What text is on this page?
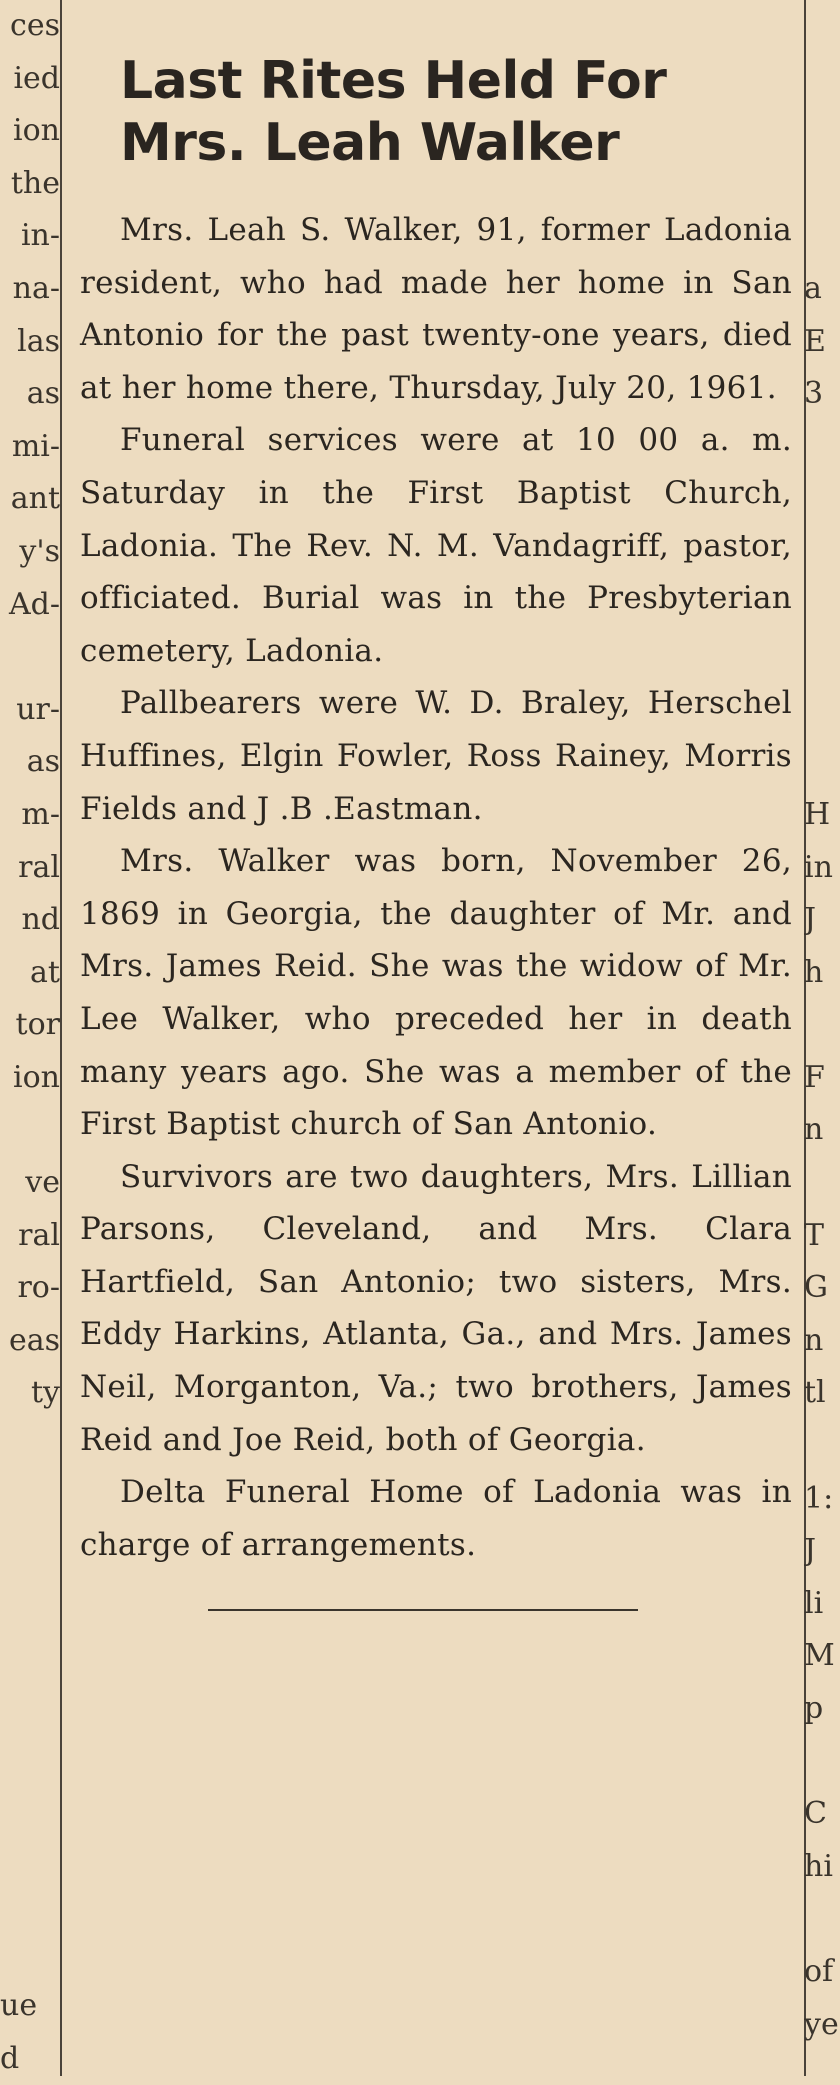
ces
ied
ion
the
in-
na-
las
as
mi-
ant
y's
Ad-

ur-
as
m-
ral
nd
at
tor
ion

ve
ral
ro-
eas
ty
ue
d

a
E
3

H
in
J
h

F
n

T
G
n
tl

1:
J
li
M
p

C
hi

of
ye
Last Rites Held For
Mrs. Leah Walker

Mrs. Leah S. Walker, 91, former Ladonia resident, who had made her home in San Antonio for the past twenty-one years, died at her home there, Thursday, July 20, 1961.

Funeral services were at 10 00 a. m. Saturday in the First Baptist Church, Ladonia. The Rev. N. M. Vandagriff, pastor, officiated. Burial was in the Presbyterian cemetery, Ladonia.

Pallbearers were W. D. Braley, Herschel Huffines, Elgin Fowler, Ross Rainey, Morris Fields and J .B .Eastman.

Mrs. Walker was born, November 26, 1869 in Georgia, the daughter of Mr. and Mrs. James Reid. She was the widow of Mr. Lee Walker, who preceded her in death many years ago. She was a member of the First Baptist church of San Antonio.

Survivors are two daughters, Mrs. Lillian Parsons, Cleveland, and Mrs. Clara Hartfield, San Antonio; two sisters, Mrs. Eddy Harkins, Atlanta, Ga., and Mrs. James Neil, Morganton, Va.; two brothers, James Reid and Joe Reid, both of Georgia.

Delta Funeral Home of Ladonia was in charge of arrangements.
